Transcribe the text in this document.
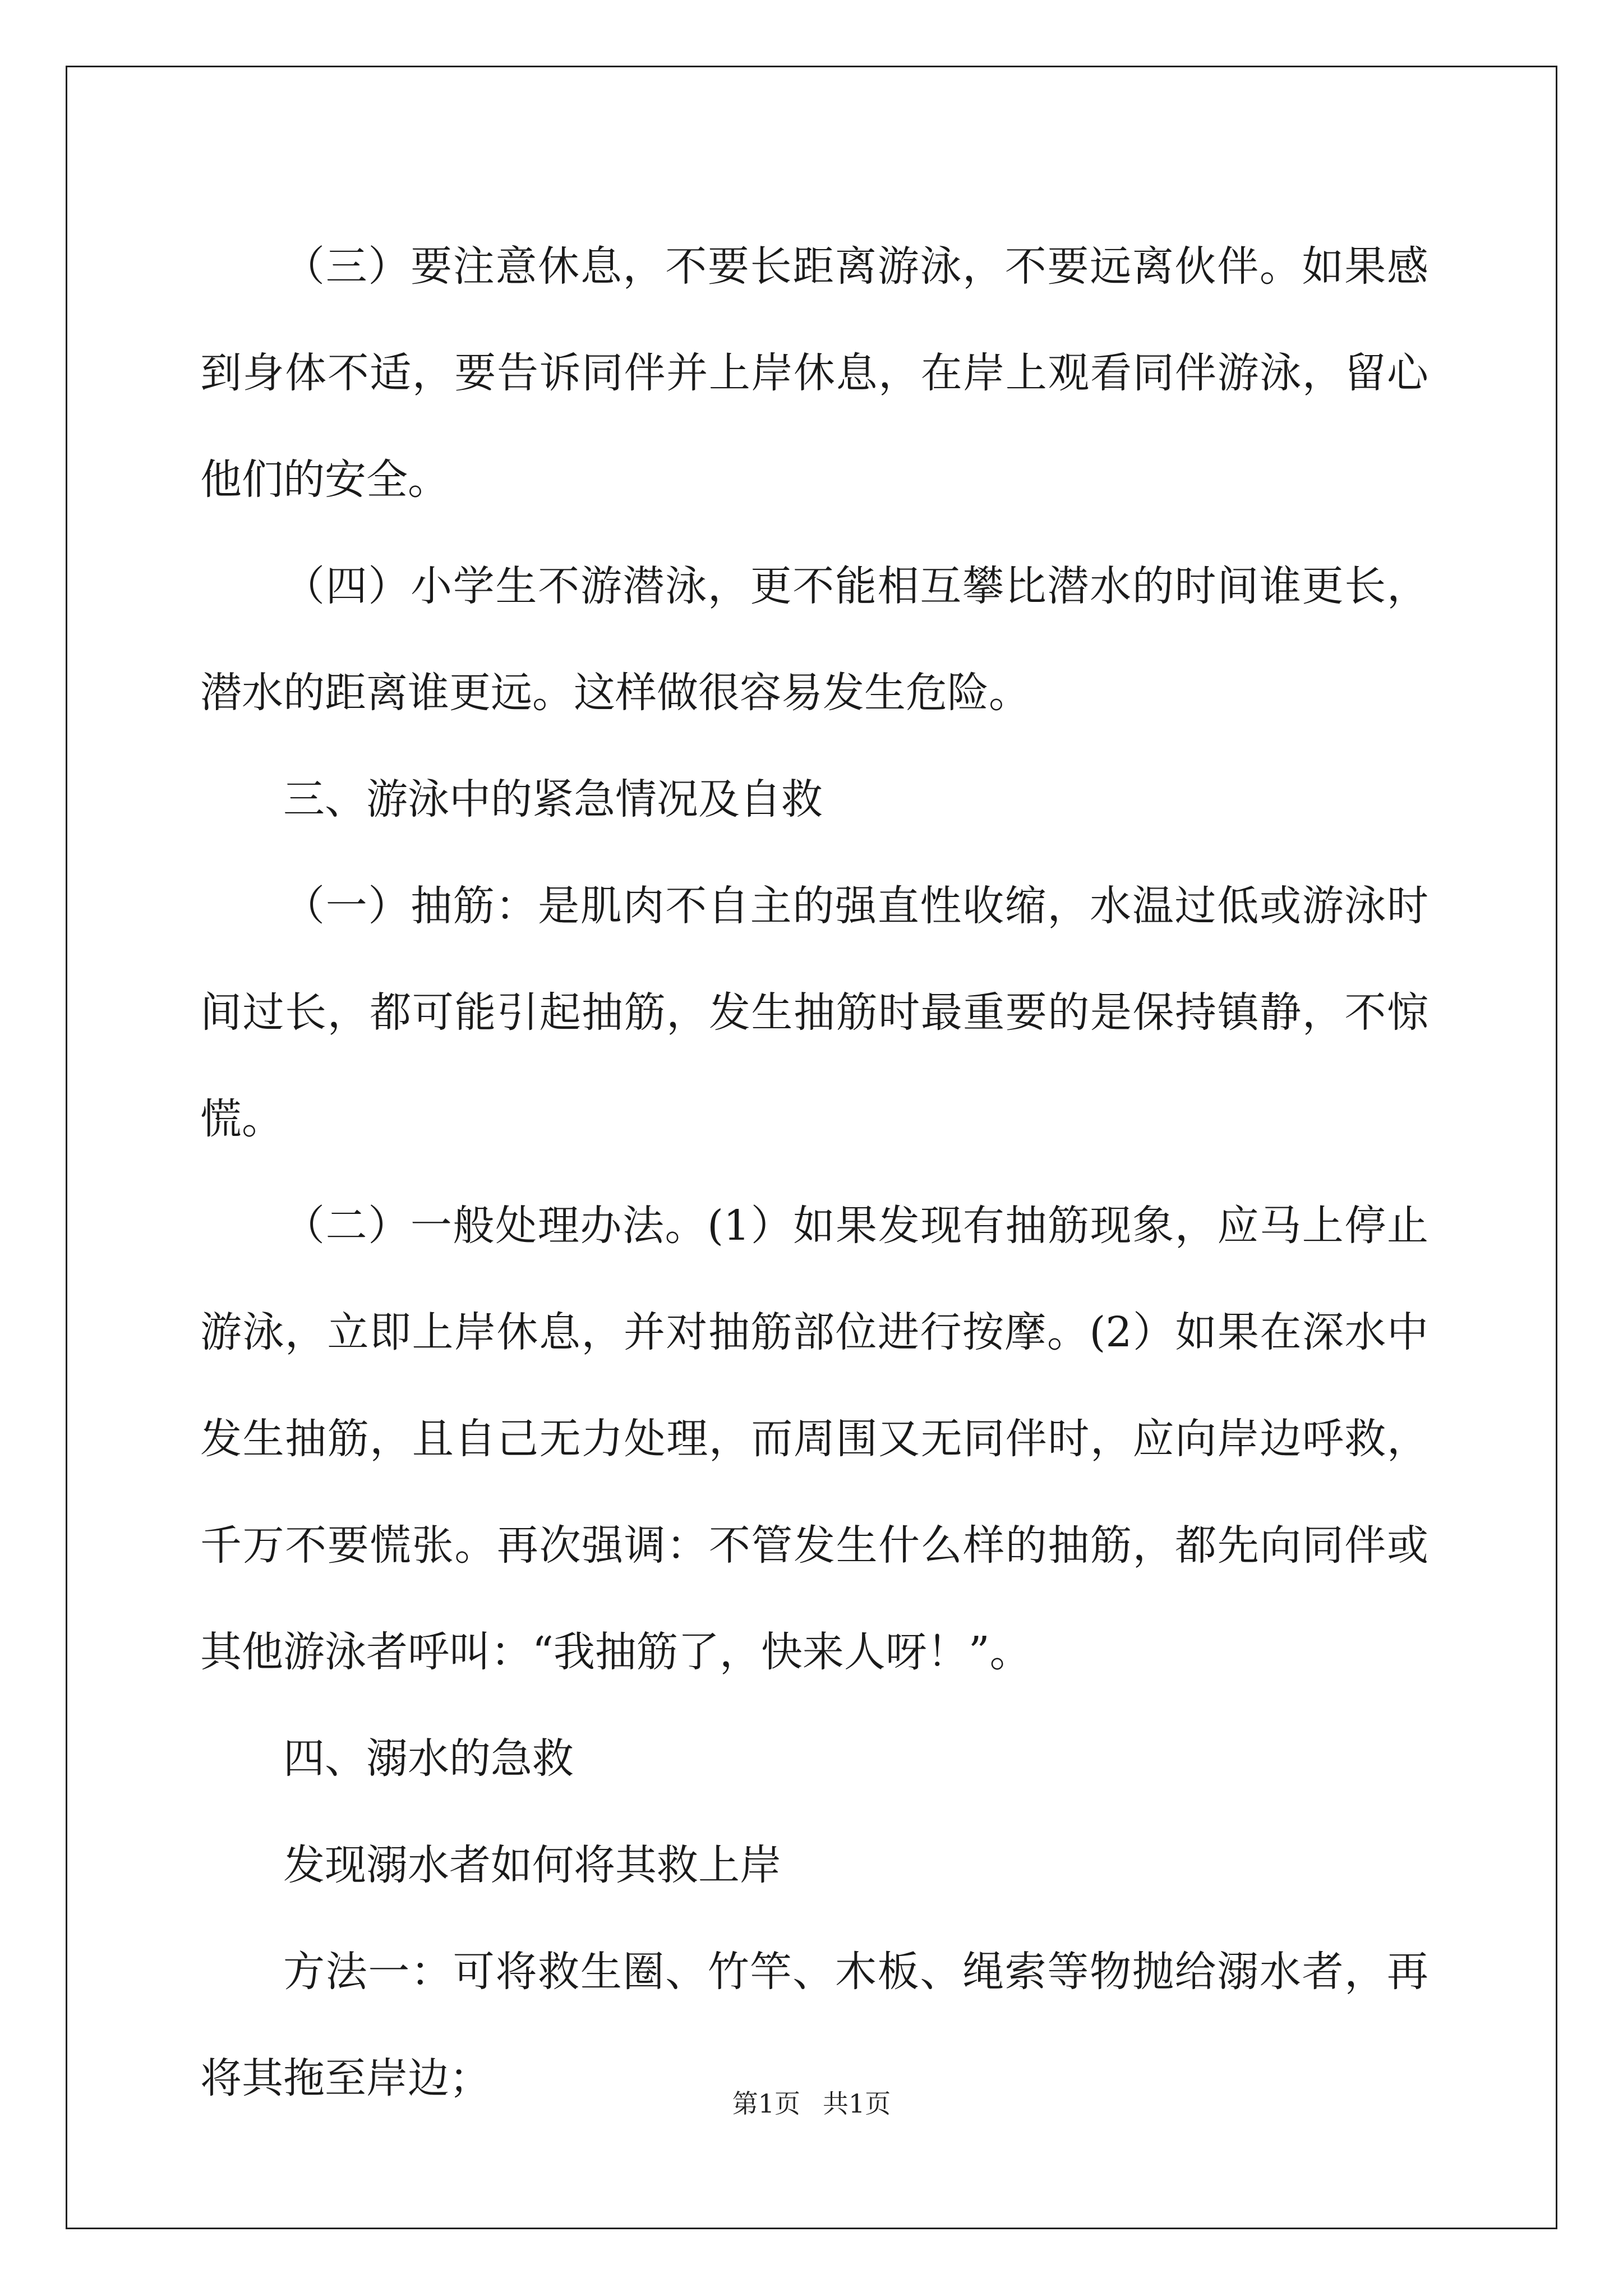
（三）要注意休息，不要长距离游泳，不要远离伙伴。如果感到身体不适，要告诉同伴并上岸休息，在岸上观看同伴游泳，留心他们的安全。

（四）小学生不游潜泳，更不能相互攀比潜水的时间谁更长，潜水的距离谁更远。这样做很容易发生危险。

三、游泳中的紧急情况及自救

（一）抽筋：是肌肉不自主的强直性收缩，水温过低或游泳时间过长，都可能引起抽筋，发生抽筋时最重要的是保持镇静，不惊慌。

（二）一般处理办法。(1）如果发现有抽筋现象，应马上停止游泳，立即上岸休息，并对抽筋部位进行按摩。(2）如果在深水中发生抽筋，且自己无力处理，而周围又无同伴时，应向岸边呼救，千万不要慌张。再次强调：不管发生什么样的抽筋，都先向同伴或其他游泳者呼叫：“我抽筋了，快来人呀！”。

四、溺水的急救

发现溺水者如何将其救上岸

方法一：可将救生圈、竹竿、木板、绳索等物抛给溺水者，再将其拖至岸边；

第1页 共1页
